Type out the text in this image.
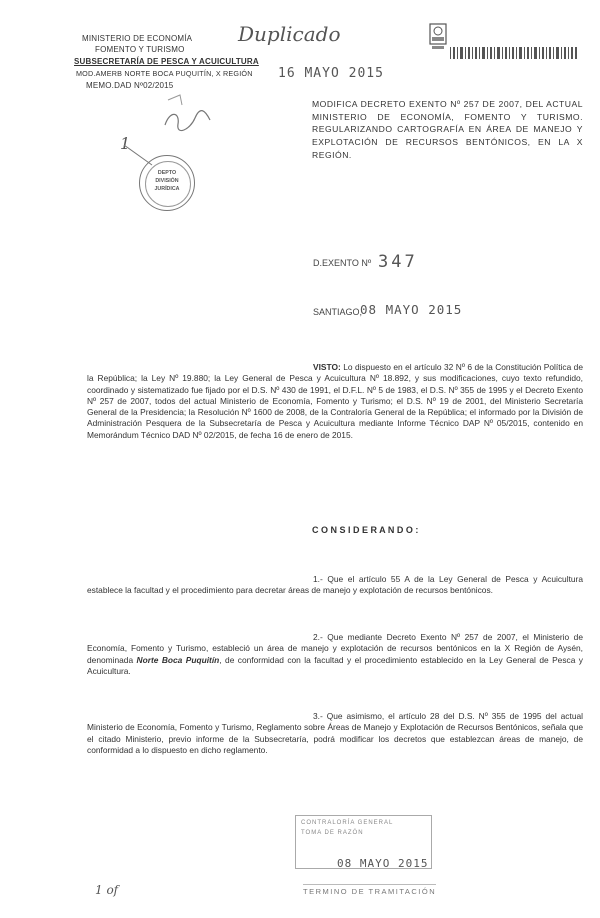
MINISTERIO DE ECONOMÍA
FOMENTO Y TURISMO
SUBSECRETARÍA DE PESCA Y ACUICULTURA
MOD.AMERB NORTE BOCA PUQUITÍN, X REGIÓN
MEMO.DAD Nº02/2015
Duplicado
16 MAYO 2015
DEPTO
DIVISIÓN
JURÍDICA
1
MODIFICA DECRETO EXENTO Nº 257 DE 2007, DEL ACTUAL MINISTERIO DE ECONOMÍA, FOMENTO Y TURISMO. REGULARIZANDO CARTOGRAFÍA EN ÁREA DE MANEJO Y EXPLOTACIÓN DE RECURSOS BENTÓNICOS, EN LA X REGIÓN.
D.EXENTO Nº 347
SANTIAGO,
08 MAYO 2015
VISTO: Lo dispuesto en el artículo 32 Nº 6 de la Constitución Política de la República; la Ley Nº 19.880; la Ley General de Pesca y Acuicultura Nº 18.892, y sus modificaciones, cuyo texto refundido, coordinado y sistematizado fue fijado por el D.S. Nº 430 de 1991, el D.F.L. Nº 5 de 1983, el D.S. Nº 355 de 1995 y el Decreto Exento Nº 257 de 2007, todos del actual Ministerio de Economía, Fomento y Turismo; el D.S. Nº 19 de 2001, del Ministerio Secretaría General de la Presidencia; la Resolución Nº 1600 de 2008, de la Contraloría General de la República; el informado por la División de Administración Pesquera de la Subsecretaría de Pesca y Acuicultura mediante Informe Técnico DAP Nº 05/2015, contenido en Memorándum Técnico DAD Nº 02/2015, de fecha 16 de enero de 2015.
C O N S I D E R A N D O :
1.- Que el artículo 55 A de la Ley General de Pesca y Acuicultura establece la facultad y el procedimiento para decretar áreas de manejo y explotación de recursos bentónicos.
2.- Que mediante Decreto Exento Nº 257 de 2007, el Ministerio de Economía, Fomento y Turismo, estableció un área de manejo y explotación de recursos bentónicos en la X Región de Aysén, denominada Norte Boca Puquitín, de conformidad con la facultad y el procedimiento establecido en la Ley General de Pesca y Acuicultura.
3.- Que asimismo, el artículo 28 del D.S. Nº 355 de 1995 del actual Ministerio de Economía, Fomento y Turismo, Reglamento sobre Áreas de Manejo y Explotación de Recursos Bentónicos, señala que el citado Ministerio, previo informe de la Subsecretaría, podrá modificar los decretos que establezcan áreas de manejo, de conformidad a lo dispuesto en dicho reglamento.
CONTRALORÍA GENERAL
TOMA DE RAZÓN
08 MAYO 2015
TERMINO DE TRAMITACIÓN
1 of
